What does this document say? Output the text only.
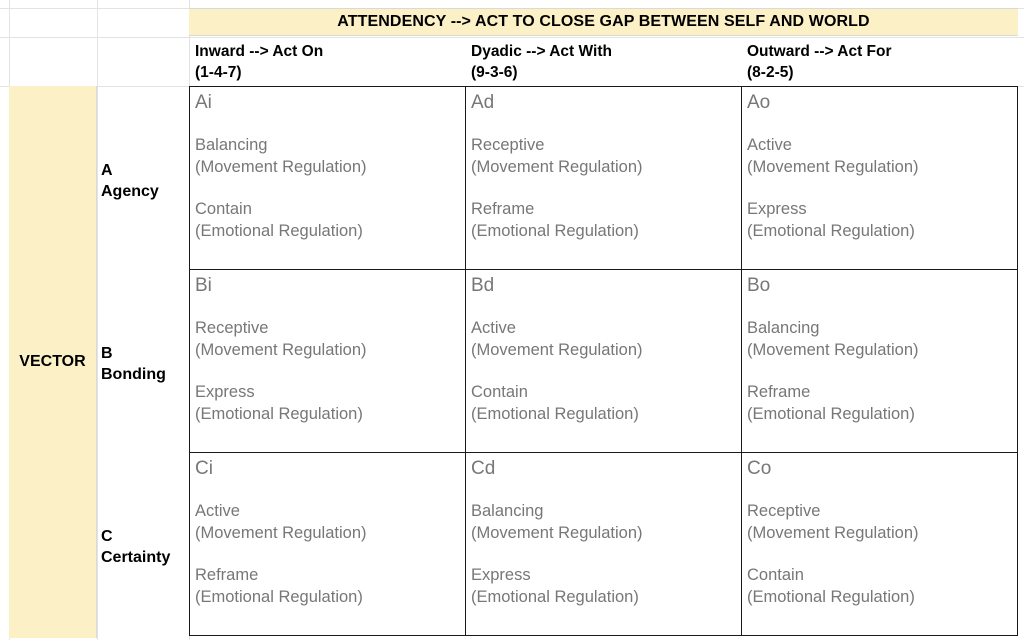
ATTENDENCY --> ACT TO CLOSE GAP BETWEEN SELF AND WORLD
Inward --> Act On
(1-4-7)
Dyadic --> Act With
(9-3-6)
Outward --> Act For
(8-2-5)
VECTOR
A
Agency
B
Bonding
C
Certainty
Ai
Balancing
(Movement Regulation)
Contain
(Emotional Regulation)
Ad
Receptive
(Movement Regulation)
Reframe
(Emotional Regulation)
Ao
Active
(Movement Regulation)
Express
(Emotional Regulation)
Bi
Receptive
(Movement Regulation)
Express
(Emotional Regulation)
Bd
Active
(Movement Regulation)
Contain
(Emotional Regulation)
Bo
Balancing
(Movement Regulation)
Reframe
(Emotional Regulation)
Ci
Active
(Movement Regulation)
Reframe
(Emotional Regulation)
Cd
Balancing
(Movement Regulation)
Express
(Emotional Regulation)
Co
Receptive
(Movement Regulation)
Contain
(Emotional Regulation)
